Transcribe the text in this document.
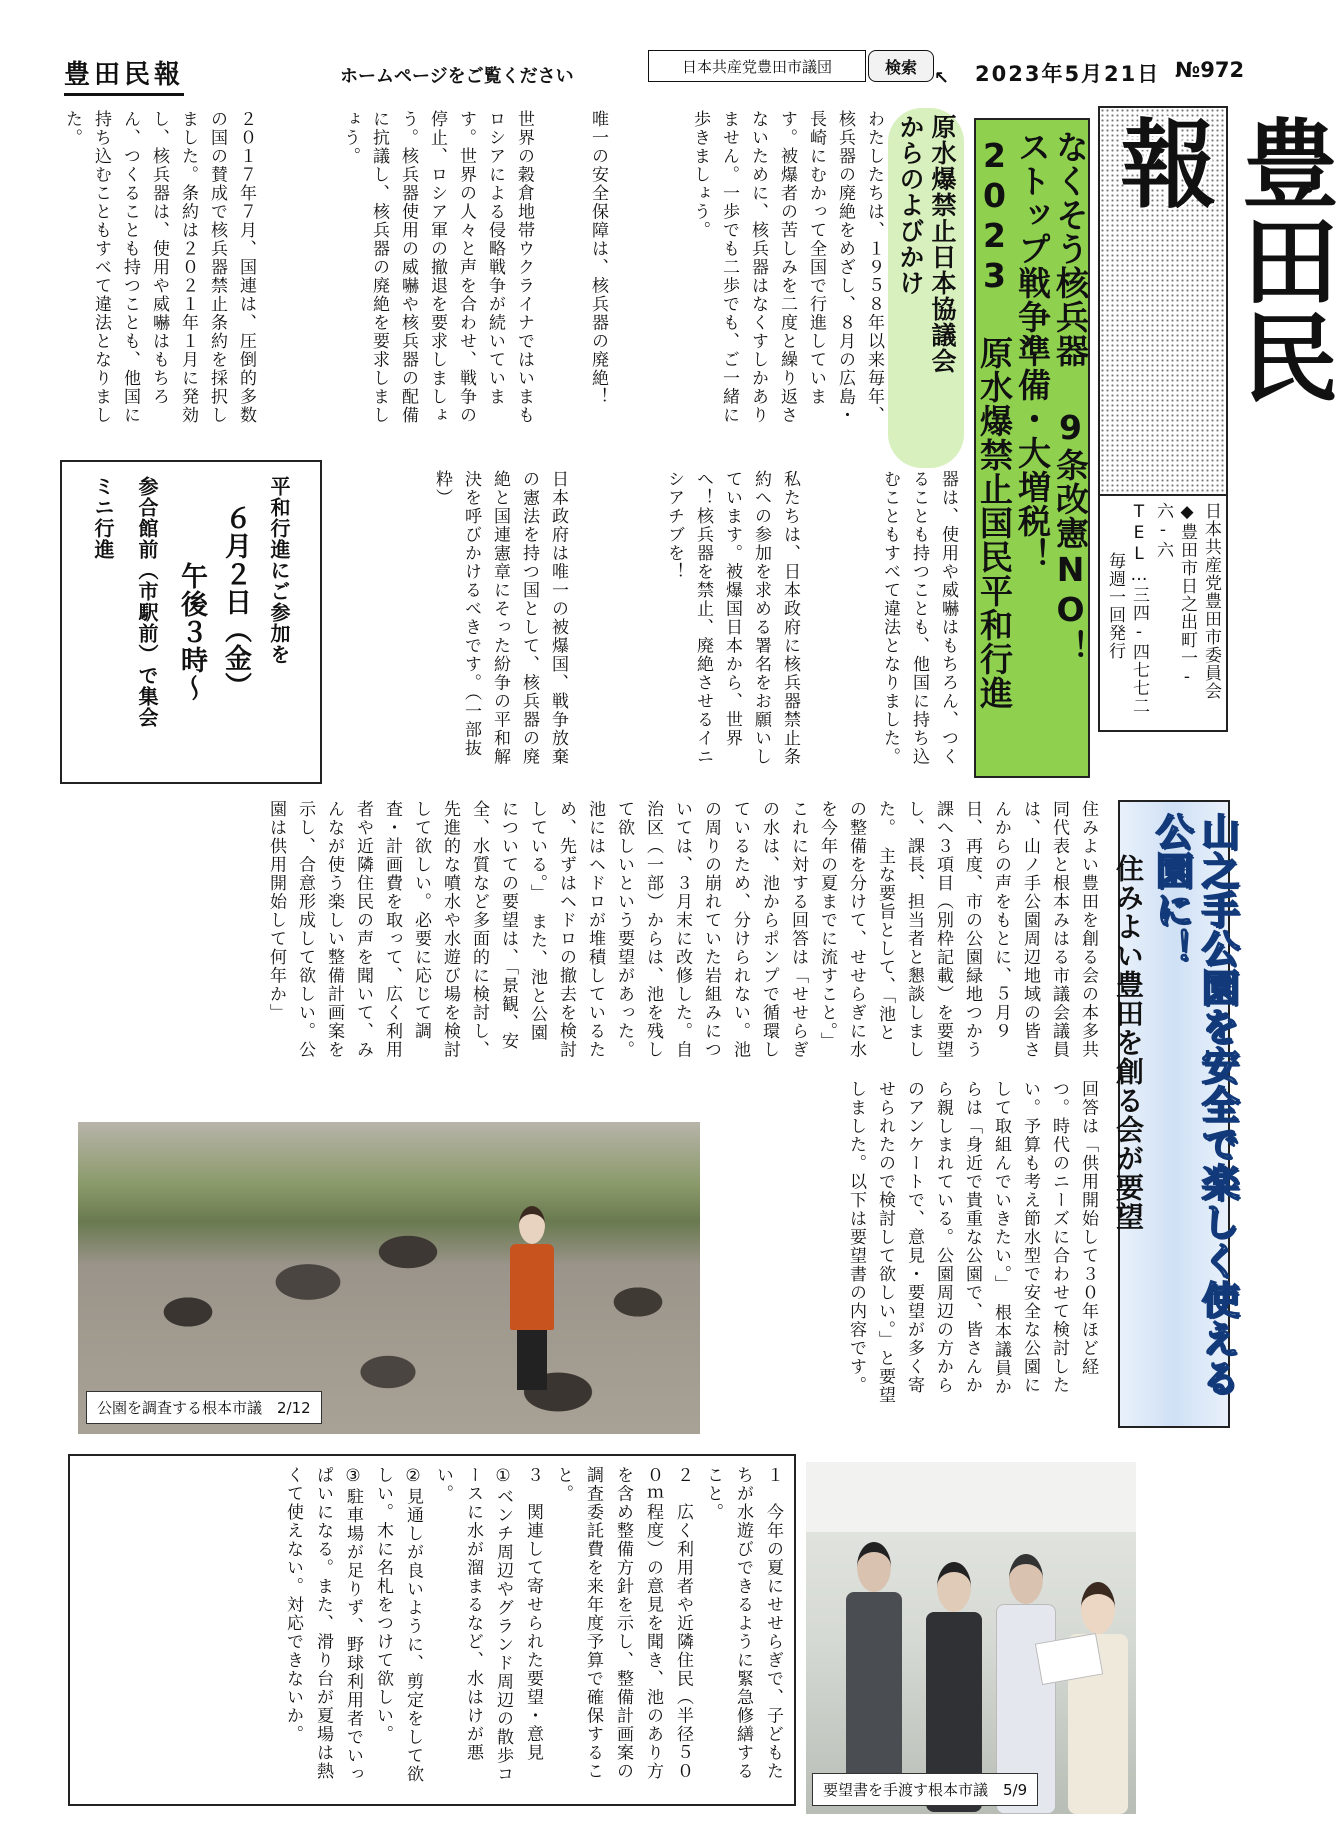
豊田民報	ホームページをご覧ください	日本共産党豊田市議団	検索
↖ 2023年5月21日 №972
豊田民報
日本共産党豊田市委員会
◆豊田市日之出町一-六-六
TEL…三四-四七七二
毎週一回発行
なくそう核兵器 9条改憲NO！
ストップ戦争準備・大増税！
2023 原水爆禁止国民平和行進
原水爆禁止日本協議会
からのよびかけ
わたしたちは、１９５８年以来毎年、核兵器の廃絶をめざし、８月の広島・長崎にむかって全国で行進しています。被爆者の苦しみを二度と繰り返さないために、核兵器はなくすしかありません。一歩でも二歩でも、ご一緒に歩きましょう。
唯一の安全保障は、核兵器の廃絶！
世界の穀倉地帯ウクライナではいまもロシアによる侵略戦争が続いています。世界の人々と声を合わせ、戦争の停止、ロシア軍の撤退を要求しましょう。核兵器使用の威嚇や核兵器の配備に抗議し、核兵器の廃絶を要求しましょう。
２０１７年７月、国連は、圧倒的多数の国の賛成で核兵器禁止条約を採択しました。条約は２０２１年１月に発効し、核兵器は、使用や威嚇はもちろん、つくることも持つことも、他国に持ち込むこともすべて違法となりました。
器は、使用や威嚇はもちろん、つくることも持つことも、他国に持ち込むこともすべて違法となりました。
私たちは、日本政府に核兵器禁止条約への参加を求める署名をお願いしています。被爆国日本から、世界へ！核兵器を禁止、廃絶させるイニシアチブを！
日本政府は唯一の被爆国、戦争放棄の憲法を持つ国として、核兵器の廃絶と国連憲章にそった紛争の平和解決を呼びかけるべきです。（一部抜粋）
平和行進にご参加を
６月２日（金）
午後３時～
参合館前（市駅前）で集会
ミニ行進
山之手公園を安全で楽しく使える公園に！
住みよい豊田を創る会が要望
住みよい豊田を創る会の本多共同代表と根本みはる市議会議員は、山ノ手公園周辺地域の皆さんからの声をもとに、５月９日、再度、市の公園緑地つかう課へ３項目（別枠記載）を要望し、課長、担当者と懇談しました。　主な要旨として、「池との整備を分けて、せせらぎに水を今年の夏までに流すこと。」これに対する回答は「せせらぎの水は、池からポンプで循環しているため、分けられない。池の周りの崩れていた岩組みについては、３月末に改修した。自治区（一部）からは、池を残して欲しいという要望があった。池にはヘドロが堆積しているため、先ずはヘドロの撤去を検討している。」　また、池と公園についての要望は、「景観、安全、水質など多面的に検討し、先進的な噴水や水遊び場を検討して欲しい。必要に応じて調査・計画費を取って、広く利用者や近隣住民の声を聞いて、みんなが使う楽しい整備計画案を示し、合意形成して欲しい。公園は供用開始して何年か」
回答は「供用開始して３０年ほど経つ。時代のニーズに合わせて検討したい。予算も考え節水型で安全な公園にして取組んでいきたい。」　根本議員からは「身近で貴重な公園で、皆さんから親しまれている。公園周辺の方からのアンケートで、意見・要望が多く寄せられたので検討して欲しい。」と要望しました。以下は要望書の内容です。
公園を調査する根本市議　2/12
１　今年の夏にせせらぎで、子どもたちが水遊びできるように緊急修繕すること。
２　広く利用者や近隣住民（半径５００ｍ程度）の意見を聞き、池のあり方を含め整備方針を示し、整備計画案の調査委託費を来年度予算で確保すること。
３　関連して寄せられた要望・意見
①ベンチ周辺やグランド周辺の散歩コースに水が溜まるなど、水はけが悪い。
②見通しが良いように、剪定をして欲しい。木に名札をつけて欲しい。
③駐車場が足りず、野球利用者でいっぱいになる。また、滑り台が夏場は熱くて使えない。対応できないか。
要望書を手渡す根本市議　5/9
